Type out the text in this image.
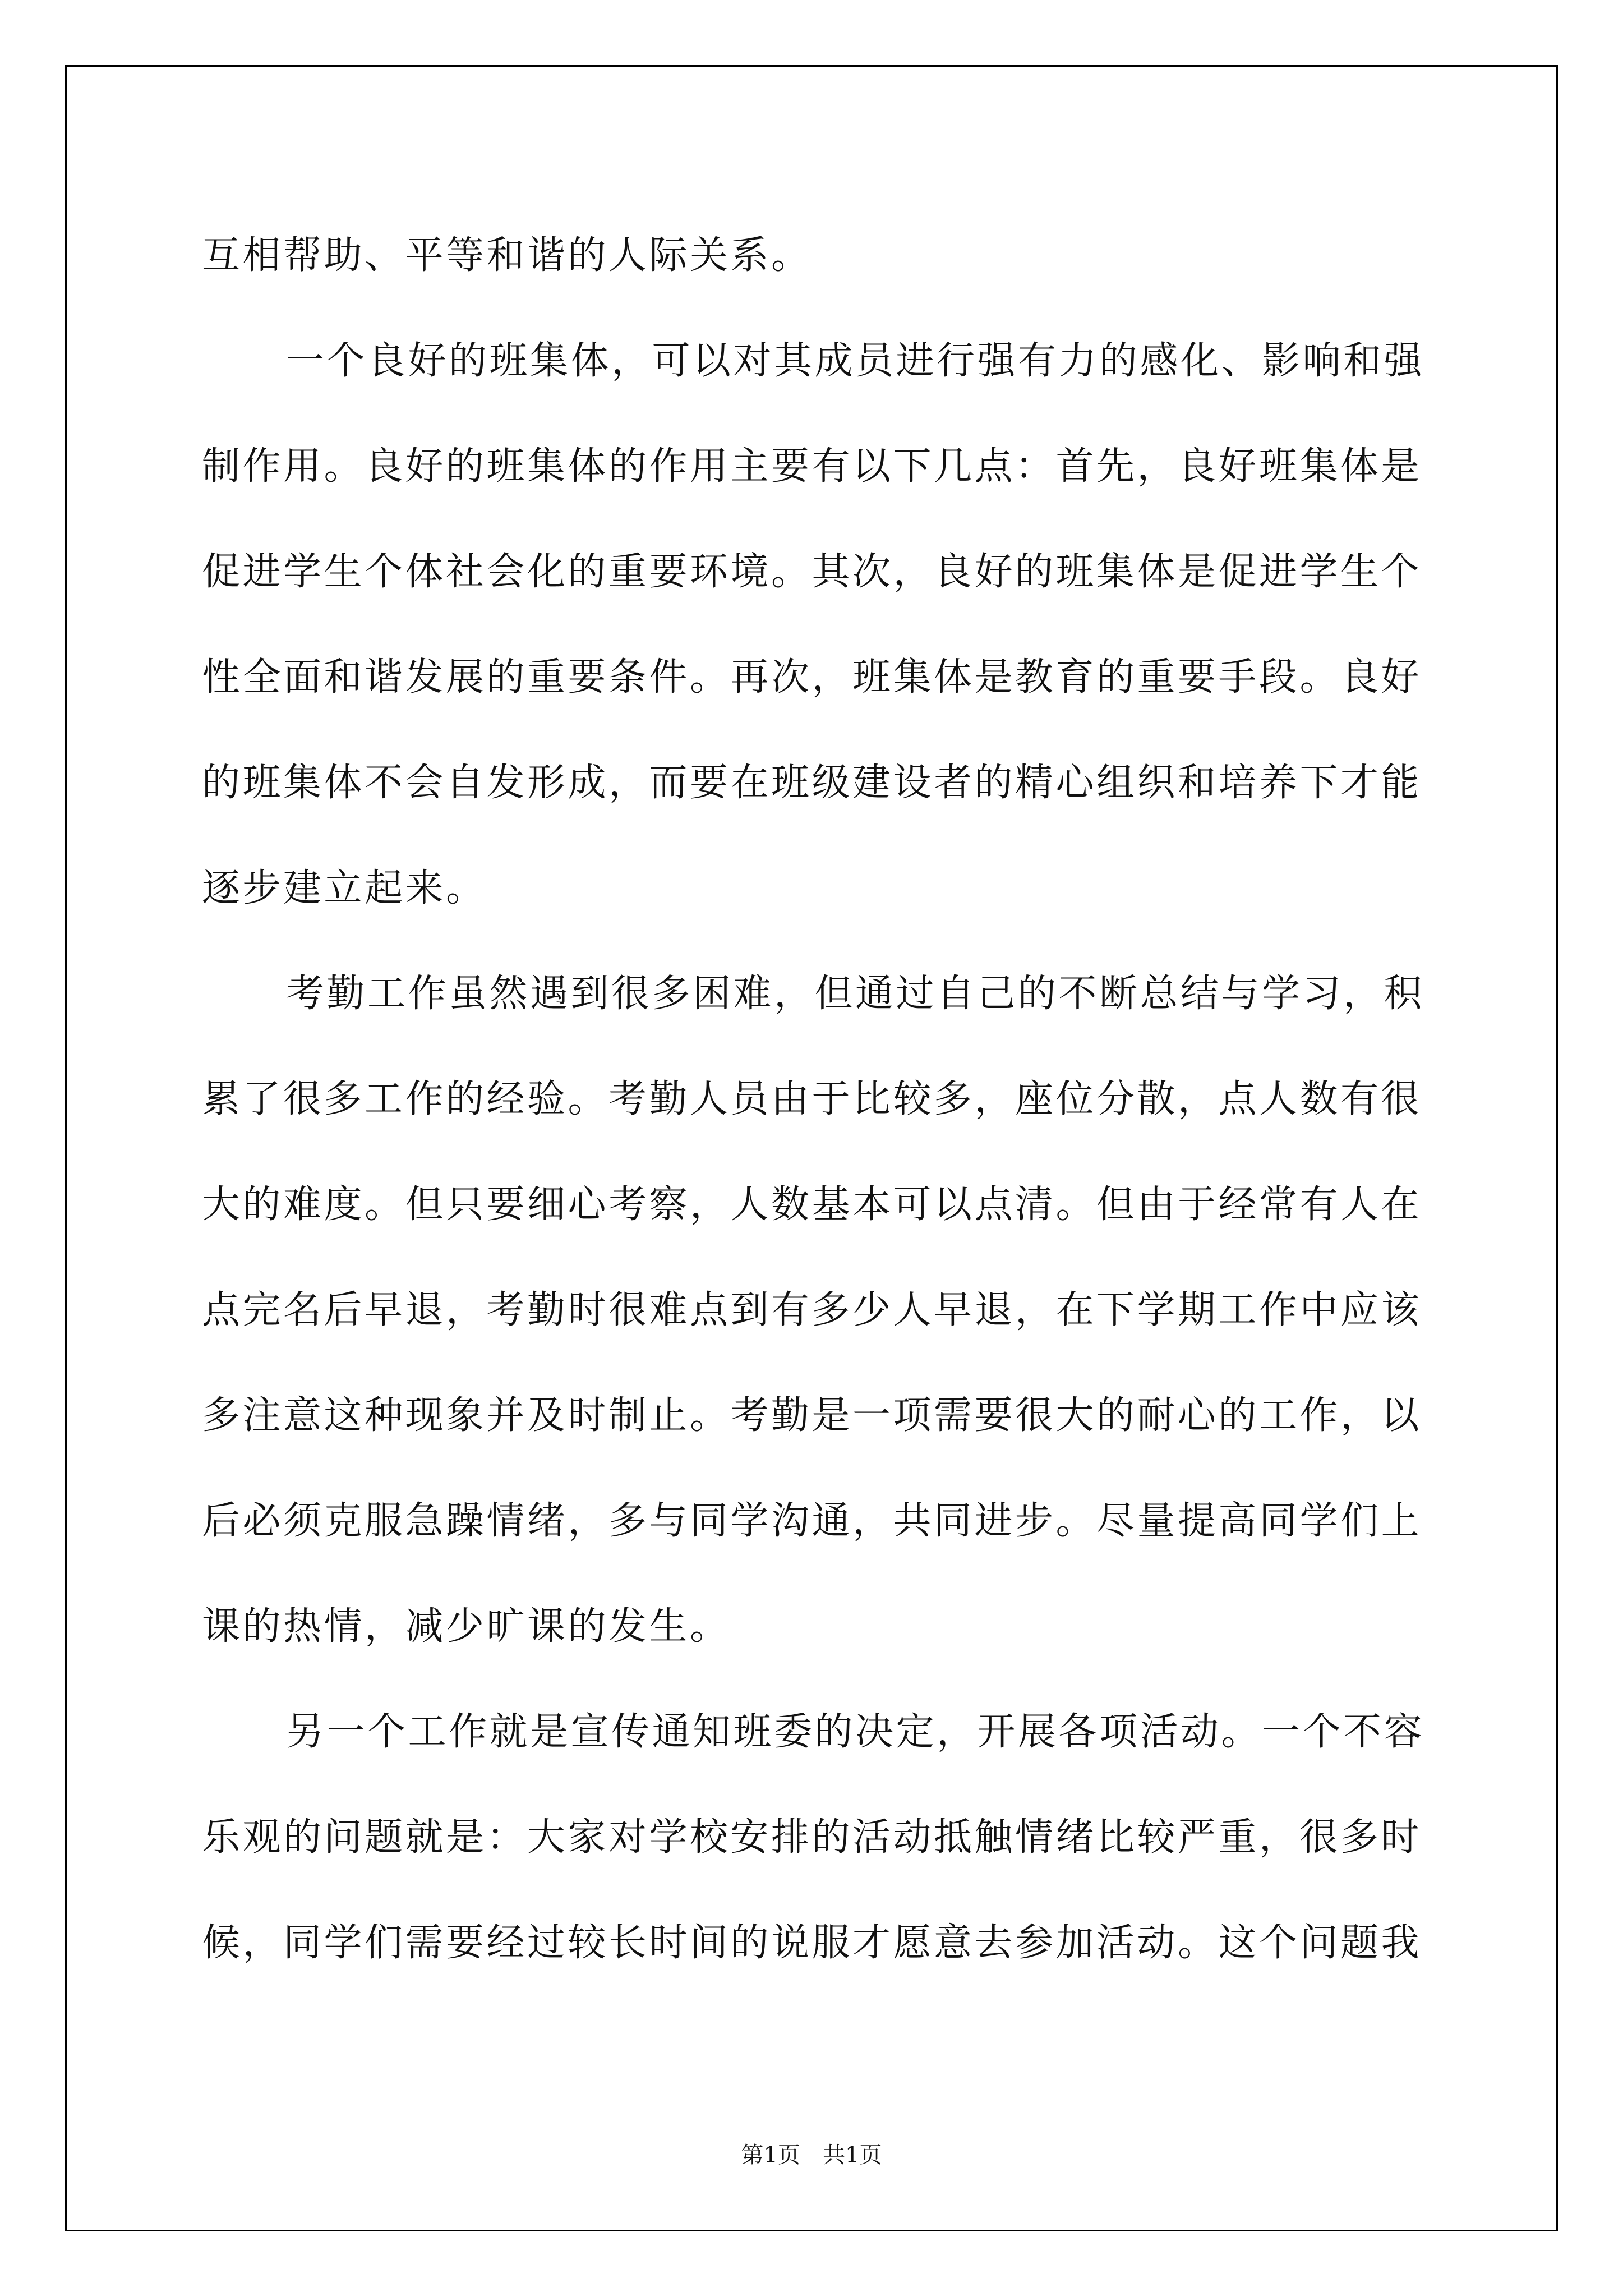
互相帮助、平等和谐的人际关系。
一个良好的班集体，可以对其成员进行强有力的感化、影响和强
制作用。良好的班集体的作用主要有以下几点：首先，良好班集体是
促进学生个体社会化的重要环境。其次，良好的班集体是促进学生个
性全面和谐发展的重要条件。再次，班集体是教育的重要手段。良好
的班集体不会自发形成，而要在班级建设者的精心组织和培养下才能
逐步建立起来。
考勤工作虽然遇到很多困难，但通过自己的不断总结与学习，积
累了很多工作的经验。考勤人员由于比较多，座位分散，点人数有很
大的难度。但只要细心考察，人数基本可以点清。但由于经常有人在
点完名后早退，考勤时很难点到有多少人早退，在下学期工作中应该
多注意这种现象并及时制止。考勤是一项需要很大的耐心的工作，以
后必须克服急躁情绪，多与同学沟通，共同进步。尽量提高同学们上
课的热情，减少旷课的发生。
另一个工作就是宣传通知班委的决定，开展各项活动。一个不容
乐观的问题就是：大家对学校安排的活动抵触情绪比较严重，很多时
候，同学们需要经过较长时间的说服才愿意去参加活动。这个问题我
第1页　共1页
